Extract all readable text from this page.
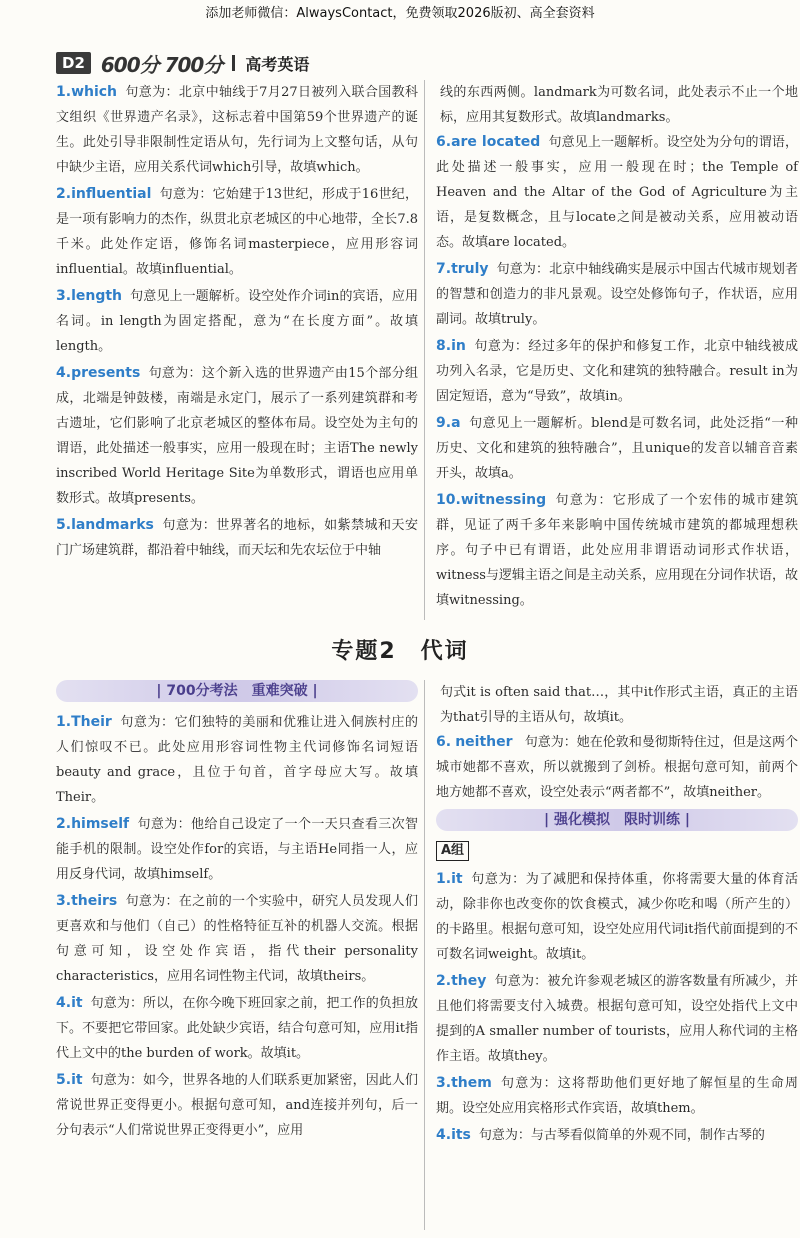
添加老师微信：AlwaysContact，免费领取2026版初、高全套资料
D2 600分 700分 高考英语
1.which 句意为：北京中轴线于7月27日被列入联合国教科文组织《世界遗产名录》，这标志着中国第59个世界遗产的诞生。此处引导非限制性定语从句，先行词为上文整句话，从句中缺少主语，应用关系代词which引导，故填which。
2.influential 句意为：它始建于13世纪，形成于16世纪，是一项有影响力的杰作，纵贯北京老城区的中心地带，全长7.8千米。此处作定语，修饰名词masterpiece，应用形容词influential。故填influential。
3.length 句意见上一题解析。设空处作介词in的宾语，应用名词。in length为固定搭配，意为“在长度方面”。故填length。
4.presents 句意为：这个新入选的世界遗产由15个部分组成，北端是钟鼓楼，南端是永定门，展示了一系列建筑群和考古遗址，它们影响了北京老城区的整体布局。设空处为主句的谓语，此处描述一般事实，应用一般现在时；主语The newly inscribed World Heritage Site为单数形式，谓语也应用单数形式。故填presents。
5.landmarks 句意为：世界著名的地标，如紫禁城和天安门广场建筑群，都沿着中轴线，而天坛和先农坛位于中轴
线的东西两侧。landmark为可数名词，此处表示不止一个地标，应用其复数形式。故填landmarks。
6.are located 句意见上一题解析。设空处为分句的谓语，此处描述一般事实，应用一般现在时；the Temple of Heaven and the Altar of the God of Agriculture为主语，是复数概念，且与locate之间是被动关系，应用被动语态。故填are located。
7.truly 句意为：北京中轴线确实是展示中国古代城市规划者的智慧和创造力的非凡景观。设空处修饰句子，作状语，应用副词。故填truly。
8.in 句意为：经过多年的保护和修复工作，北京中轴线被成功列入名录，它是历史、文化和建筑的独特融合。result in为固定短语，意为“导致”，故填in。
9.a 句意见上一题解析。blend是可数名词，此处泛指“一种历史、文化和建筑的独特融合”，且unique的发音以辅音音素开头，故填a。
10.witnessing 句意为：它形成了一个宏伟的城市建筑群，见证了两千多年来影响中国传统城市建筑的都城理想秩序。句子中已有谓语，此处应用非谓语动词形式作状语，witness与逻辑主语之间是主动关系，应用现在分词作状语，故填witnessing。
专题2　代词
| 700分考法　重难突破 |
1.Their 句意为：它们独特的美丽和优雅让进入侗族村庄的人们惊叹不已。此处应用形容词性物主代词修饰名词短语beauty and grace，且位于句首，首字母应大写。故填Their。
2.himself 句意为：他给自己设定了一个一天只查看三次智能手机的限制。设空处作for的宾语，与主语He同指一人，应用反身代词，故填himself。
3.theirs 句意为：在之前的一个实验中，研究人员发现人们更喜欢和与他们（自己）的性格特征互补的机器人交流。根据句意可知，设空处作宾语，指代their personality characteristics，应用名词性物主代词，故填theirs。
4.it 句意为：所以，在你今晚下班回家之前，把工作的负担放下。不要把它带回家。此处缺少宾语，结合句意可知，应用it指代上文中的the burden of work。故填it。
5.it 句意为：如今，世界各地的人们联系更加紧密，因此人们常说世界正变得更小。根据句意可知，and连接并列句，后一分句表示“人们常说世界正变得更小”，应用
句式it is often said that…，其中it作形式主语，真正的主语为that引导的主语从句，故填it。
6. neither 句意为：她在伦敦和曼彻斯特住过，但是这两个城市她都不喜欢，所以就搬到了剑桥。根据句意可知，前两个地方她都不喜欢，设空处表示“两者都不”，故填neither。
| 强化模拟　限时训练 |
A组
1.it 句意为：为了减肥和保持体重，你将需要大量的体育活动，除非你也改变你的饮食模式，减少你吃和喝（所产生的）的卡路里。根据句意可知，设空处应用代词it指代前面提到的不可数名词weight。故填it。
2.they 句意为：被允许参观老城区的游客数量有所减少，并且他们将需要支付入城费。根据句意可知，设空处指代上文中提到的A smaller number of tourists，应用人称代词的主格作主语。故填they。
3.them 句意为：这将帮助他们更好地了解恒星的生命周期。设空处应用宾格形式作宾语，故填them。
4.its 句意为：与古琴看似简单的外观不同，制作古琴的
